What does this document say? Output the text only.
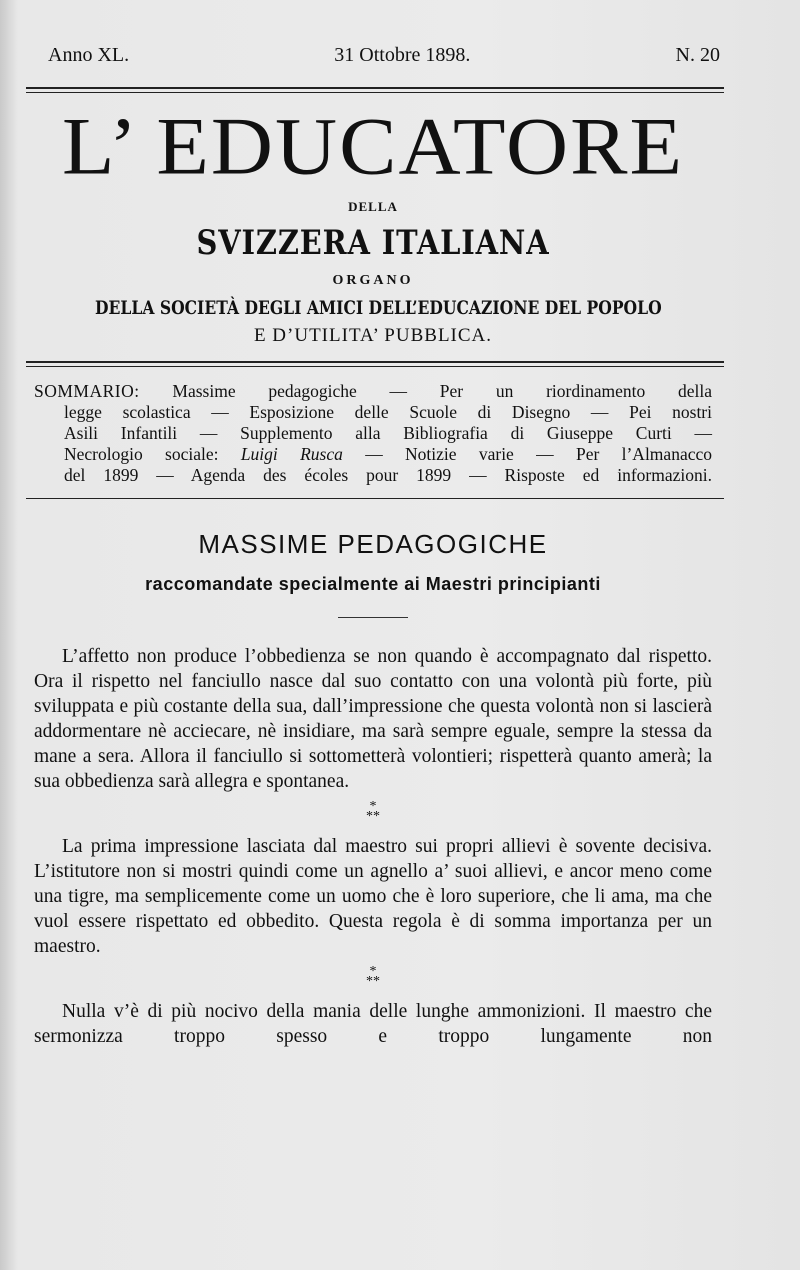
Anno XL.	31 Ottobre 1898.	N. 20
L’ EDUCATORE
DELLA
SVIZZERA ITALIANA
ORGANO
DELLA SOCIETÀ DEGLI AMICI DELL’EDUCAZIONE DEL POPOLO
E D’UTILITA’ PUBBLICA.
SOMMARIO: Massime pedagogiche — Per un riordinamento della
legge scolastica — Esposizione delle Scuole di Disegno — Pei nostri
Asili Infantili — Supplemento alla Bibliografia di Giuseppe Curti —
Necrologio sociale: Luigi Rusca — Notizie varie — Per l’Almanacco
del 1899 — Agenda des écoles pour 1899 — Risposte ed informazioni.
MASSIME PEDAGOGICHE
raccomandate specialmente ai Maestri principianti

L’affetto non produce l’obbedienza se non quando è accompagnato dal rispetto. Ora il rispetto nel fanciullo nasce dal suo contatto con una volontà più forte, più sviluppata e più costante della sua, dall’impressione che questa volontà non si lascierà addormentare nè acciecare, nè insidiare, ma sarà sempre eguale, sempre la stessa da mane a sera. Allora il fanciullo si sottometterà volontieri; rispetterà quanto amerà; la sua obbedienza sarà allegra e spontanea.

*
**

La prima impressione lasciata dal maestro sui propri allievi è sovente decisiva. L’istitutore non si mostri quindi come un agnello a’ suoi allievi, e ancor meno come una tigre, ma semplicemente come un uomo che è loro superiore, che li ama, ma che vuol essere rispettato ed obbedito. Questa regola è di somma importanza per un maestro.

*
**

Nulla v’è di più nocivo della mania delle lunghe ammonizioni. Il maestro che sermonizza troppo spesso e troppo lungamente non
